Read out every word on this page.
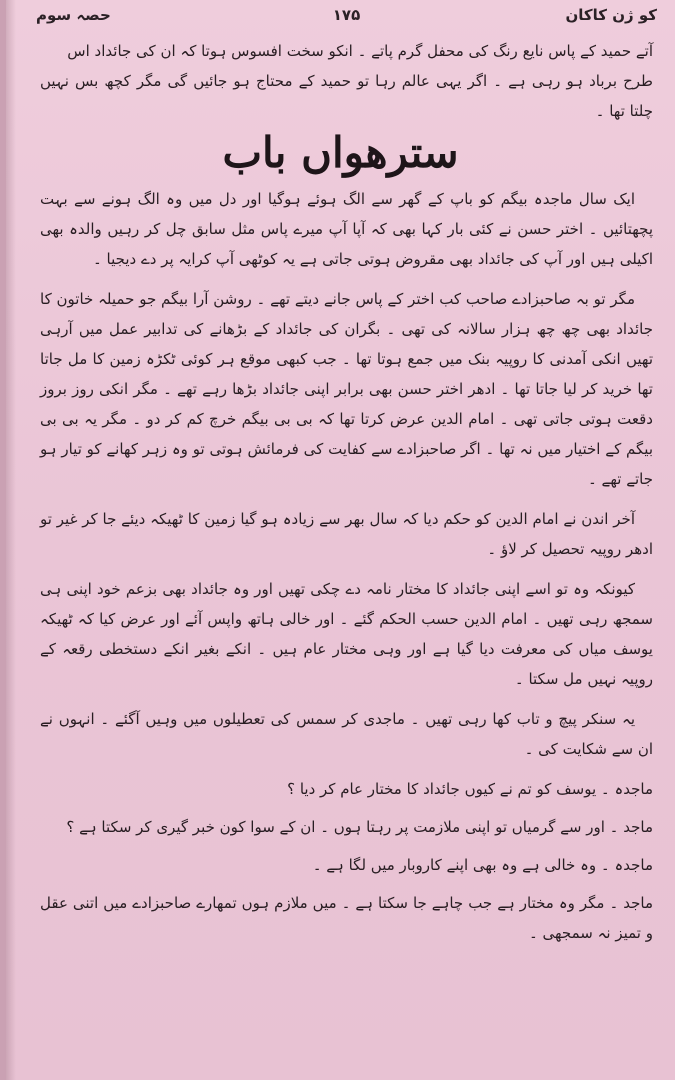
کو ژن کاکان
۱۷۵
حصہ سوم

آتے حمید کے پاس نایع رنگ کی محفل گرم پاتے ۔ انکو سخت افسوس ہوتا کہ ان کی جائداد اس

طرح برباد ہو رہی ہے ۔ اگر یہی عالم رہا تو حمید کے محتاج ہو جائیں گی مگر کچھ بس نہیں چلتا تھا ۔

سترھواں باب

ایک سال ماجدہ بیگم کو باپ کے گھر سے الگ ہوئے ہوگیا اور دل میں وہ الگ ہونے سے بہت پچھتائیں ۔ اختر حسن نے کئی بار کہا بھی کہ آپا آپ میرے پاس مثل سابق چل کر رہیں والدہ بھی اکیلی ہیں اور آپ کی جائداد بھی مقروض ہوتی جاتی ہے یہ کوٹھی آپ کرایہ پر دے دیجیا ۔

مگر تو بہ صاحبزادے صاحب کب اختر کے پاس جانے دیتے تھے ۔ روشن آرا بیگم جو حمیلہ خاتون کا جائداد بھی چھ چھ ہزار سالانہ کی تھی ۔ بگران کی جائداد کے بڑھانے کی تدابیر عمل میں آرہی تھیں انکی آمدنی کا روپیہ بنک میں جمع ہوتا تھا ۔ جب کبھی موقع ہر کوئی ٹکڑہ زمین کا مل جاتا تھا خرید کر لیا جاتا تھا ۔ ادھر اختر حسن بھی برابر اپنی جائداد بڑھا رہے تھے ۔ مگر انکی روز بروز دقعت ہوتی جاتی تھی ۔ امام الدین عرض کرتا تھا کہ بی بی بیگم خرچ کم کر دو ۔ مگر یہ بی بی بیگم کے اختیار میں نہ تھا ۔ اگر صاحبزادے سے کفایت کی فرمائش ہوتی تو وہ زہر کھانے کو تیار ہو جاتے تھے ۔

آخر اندن نے امام الدین کو حکم دیا کہ سال بھر سے زیادہ ہو گیا زمین کا ٹھیکہ دیئے جا کر غیر تو ادھر روپیہ تحصیل کر لاؤ ۔

کیونکہ وہ تو اسے اپنی جائداد کا مختار نامہ دے چکی تھیں اور وہ جائداد بھی بزعم خود اپنی ہی سمجھ رہی تھیں ۔ امام الدین حسب الحکم گئے ۔ اور خالی ہاتھ واپس آئے اور عرض کیا کہ ٹھیکہ یوسف میاں کی معرفت دیا گیا ہے اور وہی مختار عام ہیں ۔ انکے بغیر انکے دستخطی رقعہ کے روپیہ نہیں مل سکتا ۔

یہ سنکر پیچ و تاب کھا رہی تھیں ۔ ماجدی کر سمس کی تعطیلوں میں وہیں آگئے ۔ انہوں نے ان سے شکایت کی ۔

ماجدہ ۔ یوسف کو تم نے کیوں جائداد کا مختار عام کر دیا ؟

ماجد ۔ اور سے گرمیاں تو اپنی ملازمت پر رہتا ہوں ۔ ان کے سوا کون خبر گیری کر سکتا ہے ؟

ماجدہ ۔ وہ خالی ہے وہ بھی اپنے کاروبار میں لگا ہے ۔

ماجد ۔ مگر وہ مختار ہے جب چاہے جا سکتا ہے ۔ میں ملازم ہوں تمھارے صاحبزادے میں اتنی عقل و تمیز نہ سمجھی ۔
